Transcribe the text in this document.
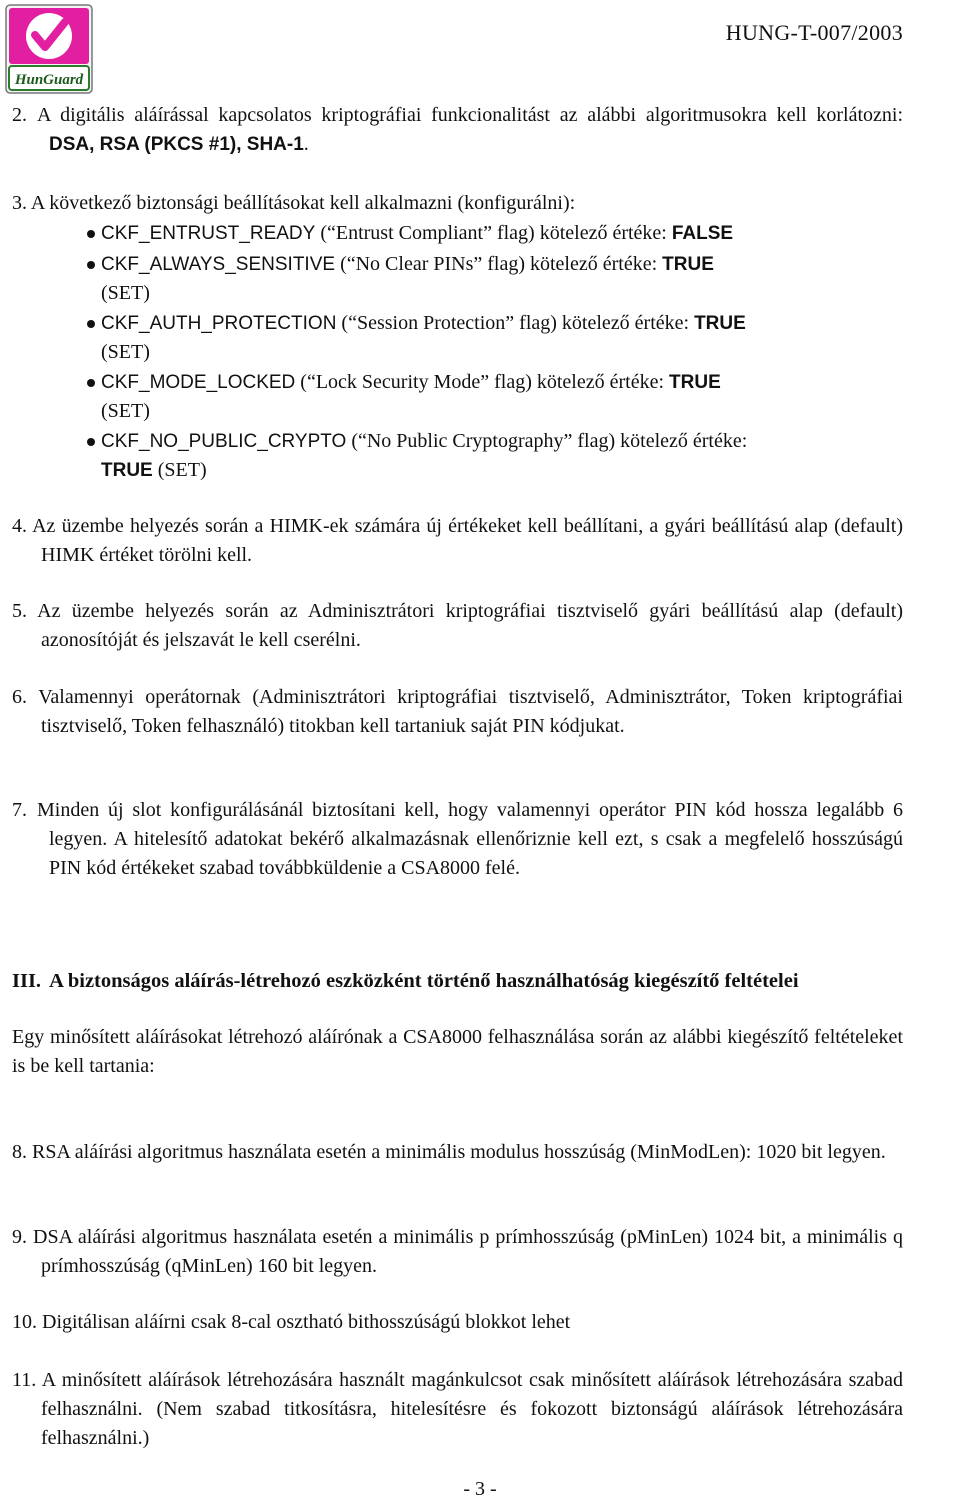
HunGuard
HUNG-T-007/2003
2. A digitális aláírással kapcsolatos kriptográfiai funkcionalitást az alábbi algoritmusokra kell korlátozni: DSA, RSA (PKCS #1), SHA-1.
3. A következő biztonsági beállításokat kell alkalmazni (konfigurálni):
CKF_ENTRUST_READY (“Entrust Compliant” flag) kötelező értéke: FALSE
CKF_ALWAYS_SENSITIVE (“No Clear PINs” flag) kötelező értéke: TRUE
(SET)
CKF_AUTH_PROTECTION (“Session Protection” flag) kötelező értéke: TRUE
(SET)
CKF_MODE_LOCKED (“Lock Security Mode” flag) kötelező értéke: TRUE
(SET)
CKF_NO_PUBLIC_CRYPTO (“No Public Cryptography” flag) kötelező értéke:
TRUE (SET)
4. Az üzembe helyezés során a HIMK-ek számára új értékeket kell beállítani, a gyári beállítású alap (default) HIMK értéket törölni kell.
5. Az üzembe helyezés során az Adminisztrátori kriptográfiai tisztviselő gyári beállítású alap (default) azonosítóját és jelszavát le kell cserélni.
6. Valamennyi operátornak (Adminisztrátori kriptográfiai tisztviselő, Adminisztrátor, Token kriptográfiai tisztviselő, Token felhasználó) titokban kell tartaniuk saját PIN kódjukat.
7. Minden új slot konfigurálásánál biztosítani kell, hogy valamennyi operátor PIN kód hossza legalább 6 legyen. A hitelesítő adatokat bekérő alkalmazásnak ellenőriznie kell ezt, s csak a megfelelő hosszúságú PIN kód értékeket szabad továbbküldenie a CSA8000 felé.
III. A biztonságos aláírás-létrehozó eszközként történő használhatóság kiegészítő feltételei
Egy minősített aláírásokat létrehozó aláírónak a CSA8000 felhasználása során az alábbi kiegészítő feltételeket is be kell tartania:
8. RSA aláírási algoritmus használata esetén a minimális modulus hosszúság (MinModLen): 1020 bit legyen.
9. DSA aláírási algoritmus használata esetén a minimális p prímhosszúság (pMinLen) 1024 bit, a minimális q prímhosszúság (qMinLen) 160 bit legyen.
10. Digitálisan aláírni csak 8-cal osztható bithosszúságú blokkot lehet
11. A minősített aláírások létrehozására használt magánkulcsot csak minősített aláírások létrehozására szabad felhasználni. (Nem szabad titkosításra, hitelesítésre és fokozott biztonságú aláírások létrehozására felhasználni.)
- 3 -
